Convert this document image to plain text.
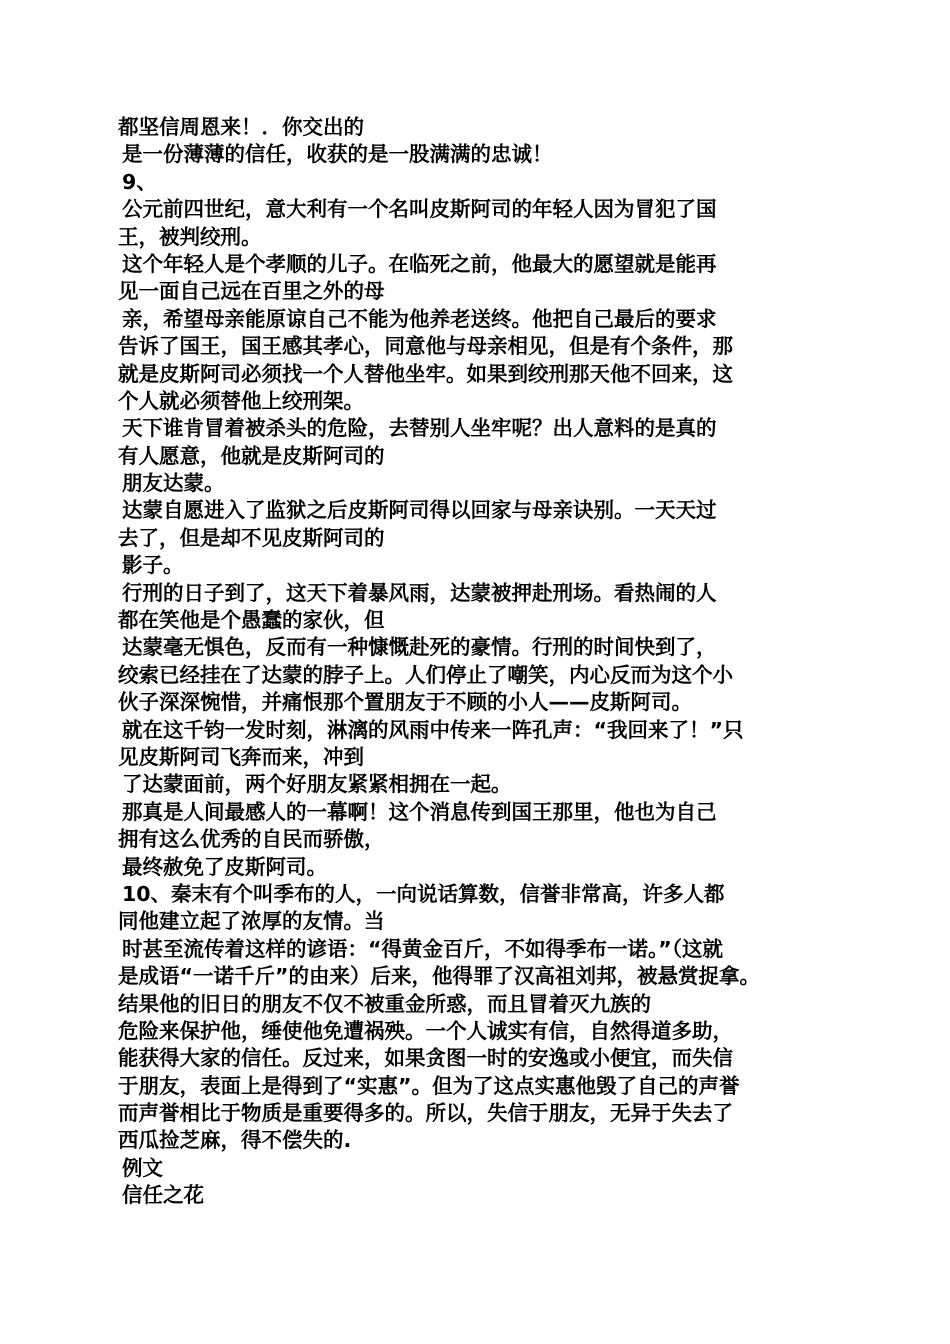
都坚信周恩来！．你交出的
是一份薄薄的信任，收获的是一股满满的忠诚！
9、
公元前四世纪，意大利有一个名叫皮斯阿司的年轻人因为冒犯了国
王，被判绞刑。
这个年轻人是个孝顺的儿子。在临死之前，他最大的愿望就是能再
见一面自己远在百里之外的母
亲，希望母亲能原谅自己不能为他养老送终。他把自己最后的要求
告诉了国王，国王感其孝心，同意他与母亲相见，但是有个条件，那
就是皮斯阿司必须找一个人替他坐牢。如果到绞刑那天他不回来，这
个人就必须替他上绞刑架。
天下谁肯冒着被杀头的危险，去替别人坐牢呢？出人意料的是真的
有人愿意，他就是皮斯阿司的
朋友达蒙。
达蒙自愿进入了监狱之后皮斯阿司得以回家与母亲诀别。一天天过
去了，但是却不见皮斯阿司的
影子。
行刑的日子到了，这天下着暴风雨，达蒙被押赴刑场。看热闹的人
都在笑他是个愚蠢的家伙，但
达蒙毫无惧色，反而有一种慷慨赴死的豪情。行刑的时间快到了，
绞索已经挂在了达蒙的脖子上。人们停止了嘲笑，内心反而为这个小
伙子深深惋惜，并痛恨那个置朋友于不顾的小人——皮斯阿司。
就在这千钧一发时刻，淋漓的风雨中传来一阵孔声：“我回来了！”只
见皮斯阿司飞奔而来，冲到
了达蒙面前，两个好朋友紧紧相拥在一起。
那真是人间最感人的一幕啊！这个消息传到国王那里，他也为自己
拥有这么优秀的自民而骄傲，
最终赦免了皮斯阿司。
10、秦末有个叫季布的人，一向说话算数，信誉非常高，许多人都
同他建立起了浓厚的友情。当
时甚至流传着这样的谚语：“得黄金百斤，不如得季布一诺。”（这就
是成语“一诺千斤”的由来）后来，他得罪了汉高祖刘邦，被悬赏捉拿。
结果他的旧日的朋友不仅不被重金所惑，而且冒着灭九族的
危险来保护他，缍使他免遭祸殃。一个人诚实有信，自然得道多助，
能获得大家的信任。反过来，如果贪图一时的安逸或小便宜，而失信
于朋友，表面上是得到了“实惠”。但为了这点实惠他毁了自己的声誉
而声誉相比于物质是重要得多的。所以，失信于朋友，无异于失去了
西瓜捡芝麻，得不偿失的.
例文
信任之花
